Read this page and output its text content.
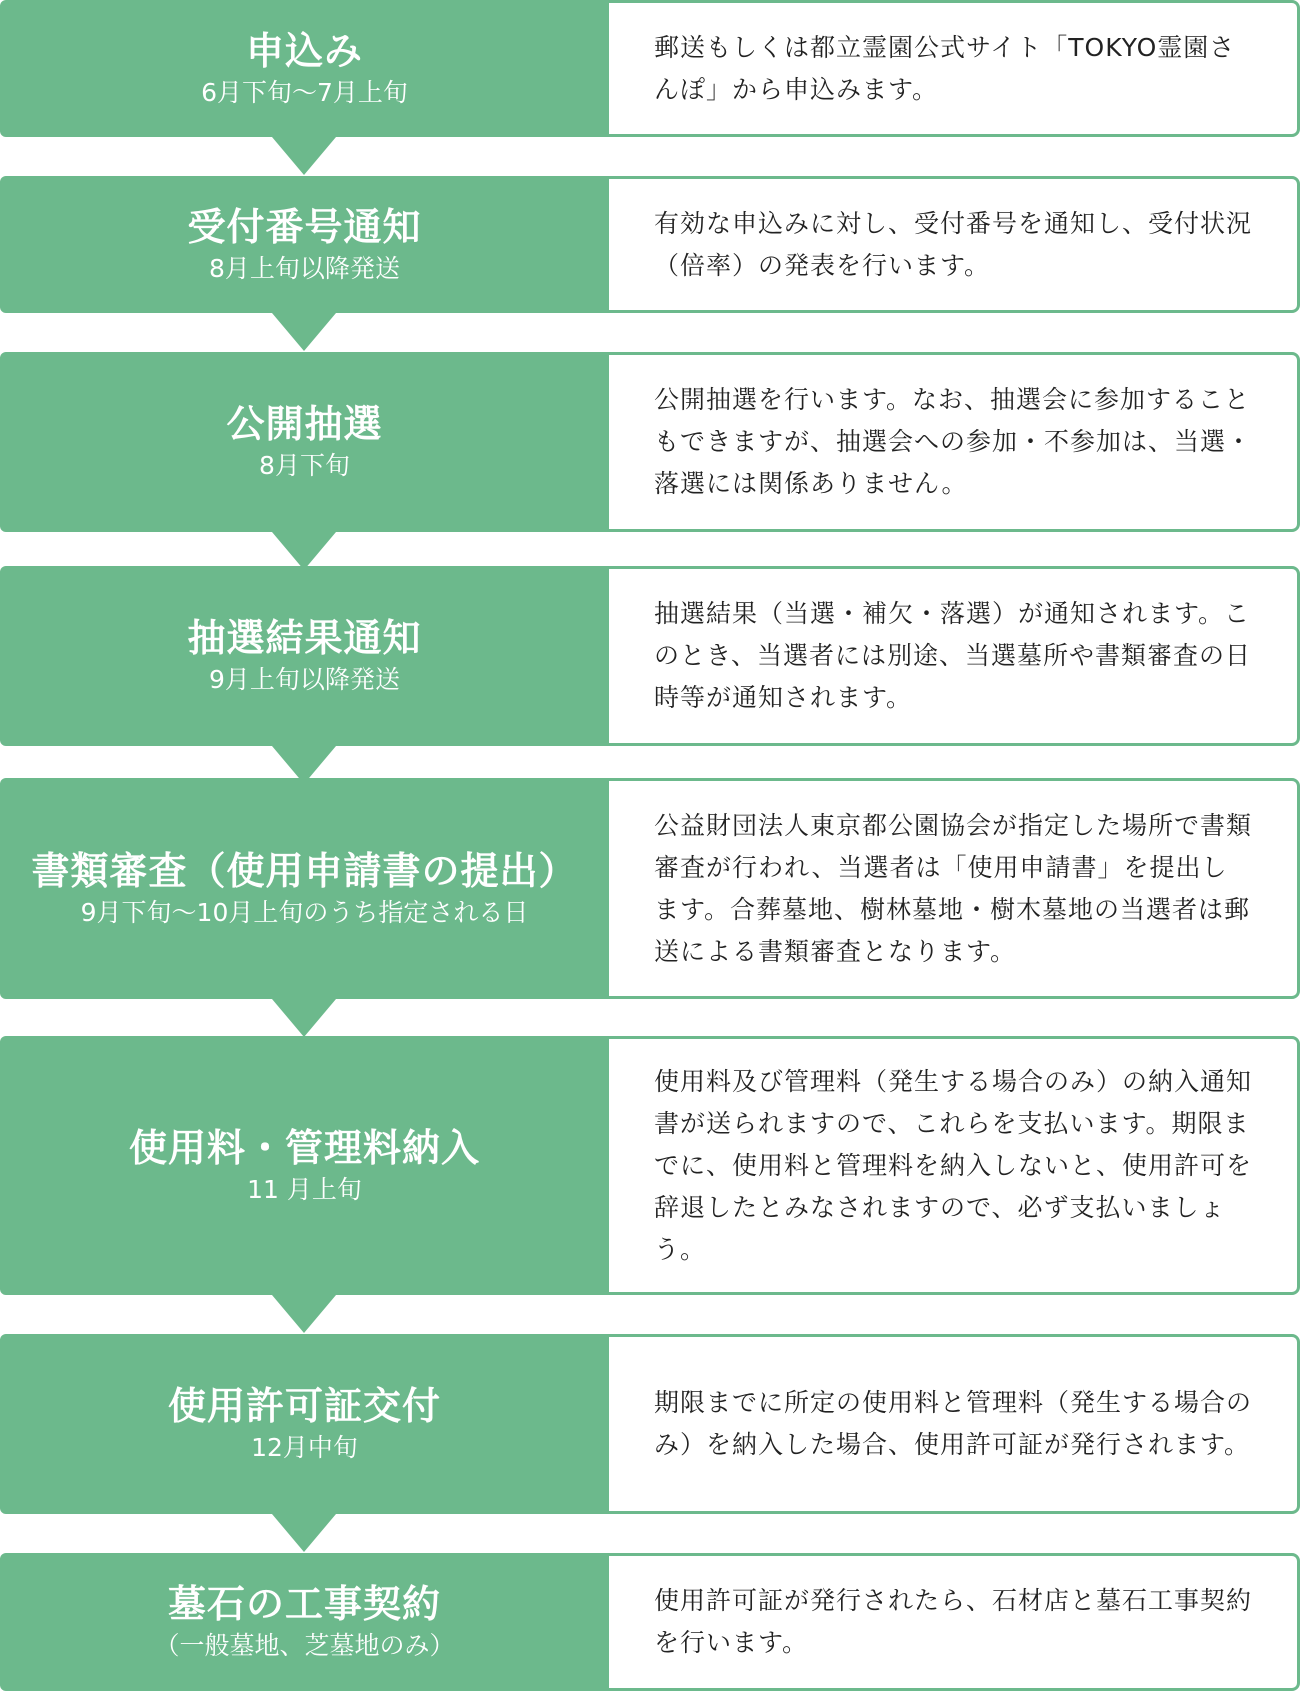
申込み
6月下旬〜7月上旬
郵送もしくは都立霊園公式サイト「TOKYO霊園さんぽ」から申込みます。
受付番号通知
8月上旬以降発送
有効な申込みに対し、受付番号を通知し、受付状況（倍率）の発表を行います。
公開抽選
8月下旬
公開抽選を行います。なお、抽選会に参加することもできますが、抽選会への参加・不参加は、当選・落選には関係ありません。
抽選結果通知
9月上旬以降発送
抽選結果（当選・補欠・落選）が通知されます。このとき、当選者には別途、当選墓所や書類審査の日時等が通知されます。
書類審査（使用申請書の提出）
9月下旬〜10月上旬のうち指定される日
公益財団法人東京都公園協会が指定した場所で書類審査が行われ、当選者は「使用申請書」を提出します。合葬墓地、樹林墓地・樹木墓地の当選者は郵送による書類審査となります。
使用料・管理料納入
11 月上旬
使用料及び管理料（発生する場合のみ）の納入通知書が送られますので、これらを支払います。期限までに、使用料と管理料を納入しないと、使用許可を辞退したとみなされますので、必ず支払いましょう。
使用許可証交付
12月中旬
期限までに所定の使用料と管理料（発生する場合のみ）を納入した場合、使用許可証が発行されます。
墓石の工事契約
（一般墓地、芝墓地のみ）
使用許可証が発行されたら、石材店と墓石工事契約を行います。
